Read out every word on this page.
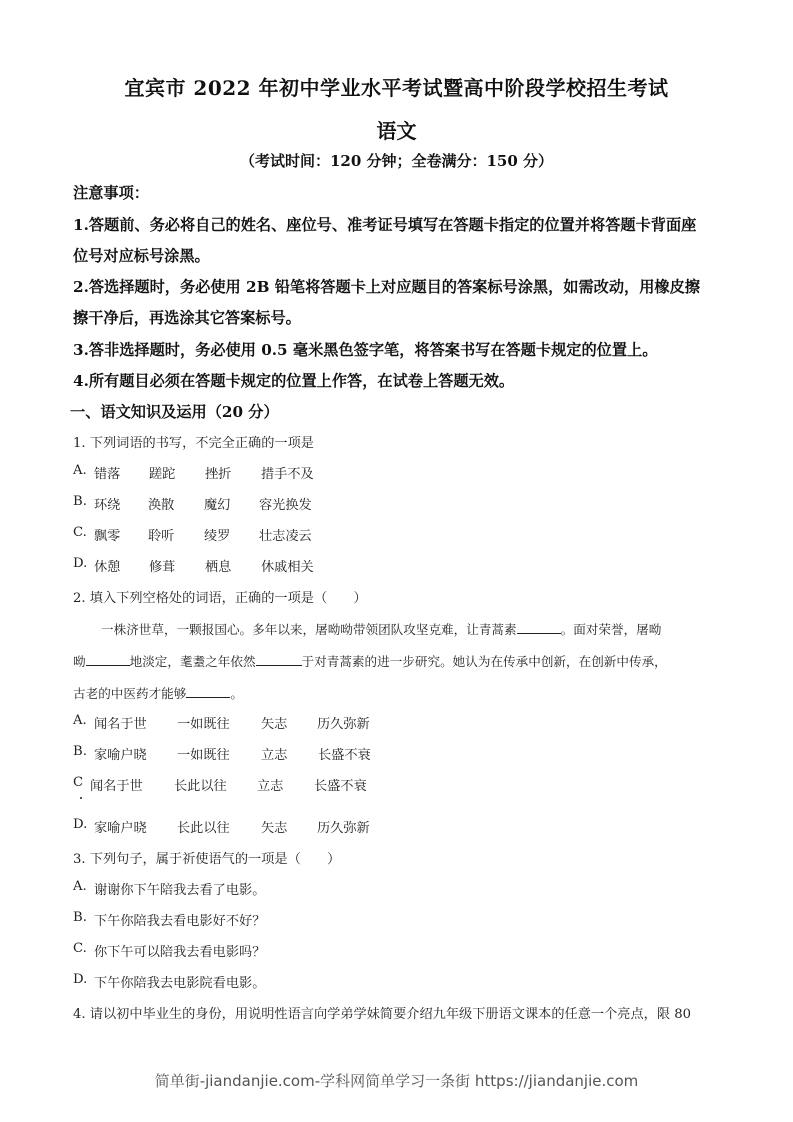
宜宾市 2022 年初中学业水平考试暨高中阶段学校招生考试
语文
（考试时间：120 分钟；全卷满分：150 分）
注意事项：
1.答题前、务必将自己的姓名、座位号、准考证号填写在答题卡指定的位置并将答题卡背面座
位号对应标号涂黑。
2.答选择题时，务必使用 2B 铅笔将答题卡上对应题目的答案标号涂黑，如需改动，用橡皮擦
擦干净后，再选涂其它答案标号。
3.答非选择题时，务必使用 0.5 毫米黑色签字笔，将答案书写在答题卡规定的位置上。
4.所有题目必须在答题卡规定的位置上作答，在试卷上答题无效。
一、语文知识及运用（20 分）
1. 下列词语的书写，不完全正确的一项是
A. 错落 蹉跎 挫折 措手不及
B. 环绕 涣散 魔幻 容光换发
C. 飘零 聆听 绫罗 壮志凌云
D. 休憩 修葺 栖息 休戚相关
2. 填入下列空格处的词语，正确的一项是（　　）
一株济世草，一颗报国心。多年以来，屠呦呦带领团队攻坚克难，让青蒿素	。面对荣誉，屠呦
呦	地淡定，耄耋之年依然	于对青蒿素的进一步研究。她认为在传承中创新，在创新中传承，
古老的中医药才能够	。
A. 闻名于世 一如既往 矢志 历久弥新
B. 家喻户晓 一如既往 立志 长盛不衰
C 闻名于世 长此以往 立志 长盛不衰
D. 家喻户晓 长此以往 矢志 历久弥新
3. 下列句子，属于祈使语气的一项是（　　）
A. 谢谢你下午陪我去看了电影。
B. 下午你陪我去看电影好不好？
C. 你下午可以陪我去看电影吗？
D. 下午你陪我去电影院看电影。
4. 请以初中毕业生的身份，用说明性语言向学弟学妹简要介绍九年级下册语文课本的任意一个亮点，限 80
简单街-jiandanjie.com-学科网简单学习一条街 https://jiandanjie.com
